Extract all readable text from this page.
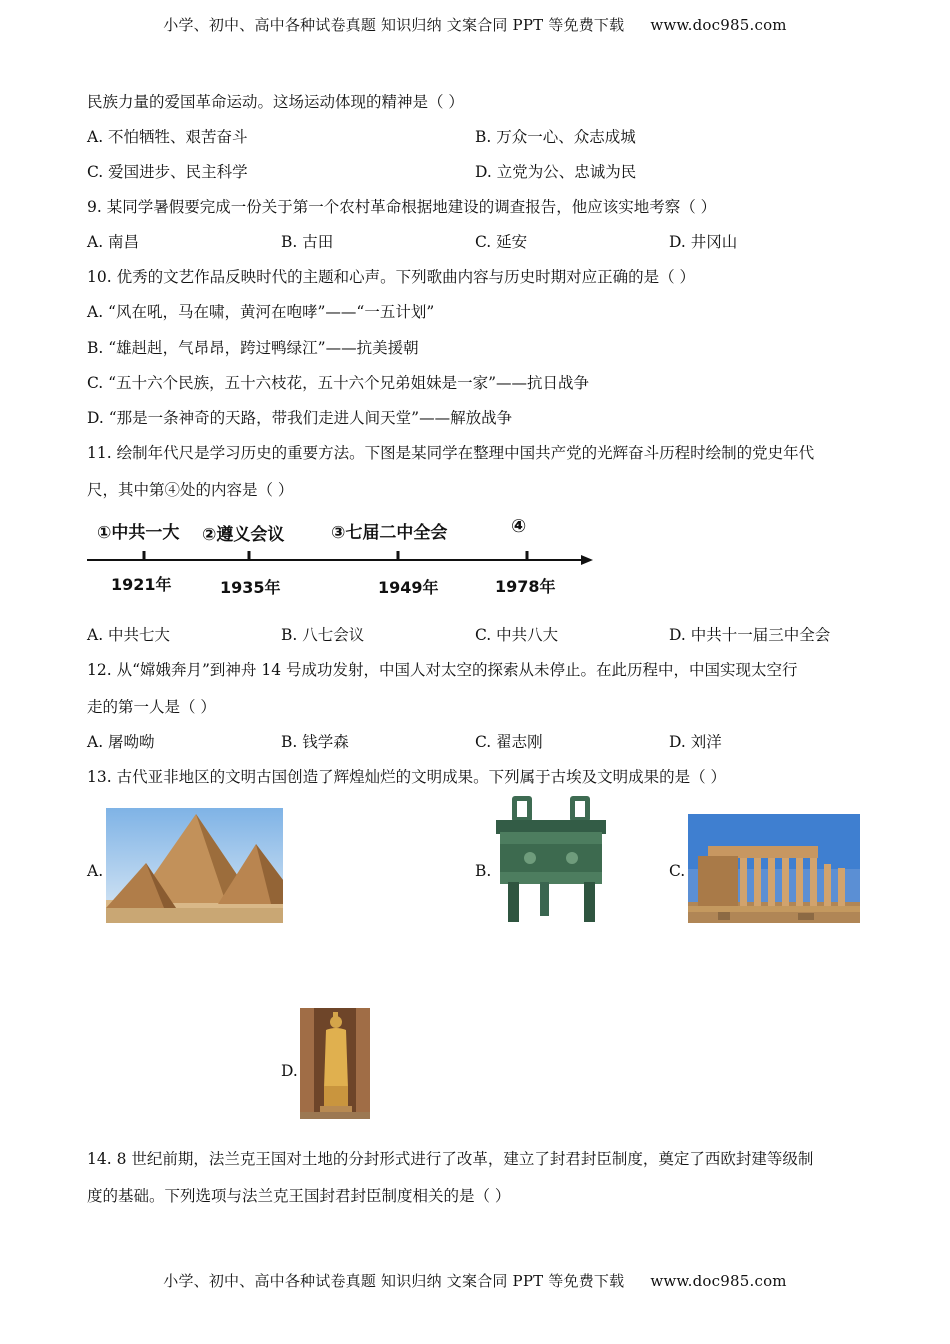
小学、初中、高中各种试卷真题 知识归纳 文案合同 PPT 等免费下载 www.doc985.com
民族力量的爱国革命运动。这场运动体现的精神是（ ）
A. 不怕牺牲、艰苦奋斗	B. 万众一心、众志成城
C. 爱国进步、民主科学	D. 立党为公、忠诚为民
9. 某同学暑假要完成一份关于第一个农村革命根据地建设的调查报告，他应该实地考察（ ）
A. 南昌	B. 古田	C. 延安	D. 井冈山
10. 优秀的文艺作品反映时代的主题和心声。下列歌曲内容与历史时期对应正确的是（ ）
A. “风在吼，马在啸，黄河在咆哮”——“一五计划”
B. “雄赳赳，气昂昂，跨过鸭绿江”——抗美援朝
C. “五十六个民族，五十六枝花，五十六个兄弟姐妹是一家”——抗日战争
D. “那是一条神奇的天路，带我们走进人间天堂”——解放战争
11. 绘制年代尺是学习历史的重要方法。下图是某同学在整理中国共产党的光辉奋斗历程时绘制的党史年代
尺，其中第④处的内容是（ ）
①中共一大 ②遵义会议	③七届二中全会	④
1921年	1935年	1949年	1978年
A. 中共七大	B. 八七会议	C. 中共八大	D. 中共十一届三中全会
12. 从“嫦娥奔月”到神舟 14 号成功发射，中国人对太空的探索从未停止。在此历程中，中国实现太空行
走的第一人是（ ）
A. 屠呦呦	B. 钱学森	C. 翟志刚	D. 刘洋
13. 古代亚非地区的文明古国创造了辉煌灿烂的文明成果。下列属于古埃及文明成果的是（ ）
A.	B.	C.
D.
14. 8 世纪前期，法兰克王国对土地的分封形式进行了改革，建立了封君封臣制度，奠定了西欧封建等级制
度的基础。下列选项与法兰克王国封君封臣制度相关的是（ ）
小学、初中、高中各种试卷真题 知识归纳 文案合同 PPT 等免费下载 www.doc985.com
